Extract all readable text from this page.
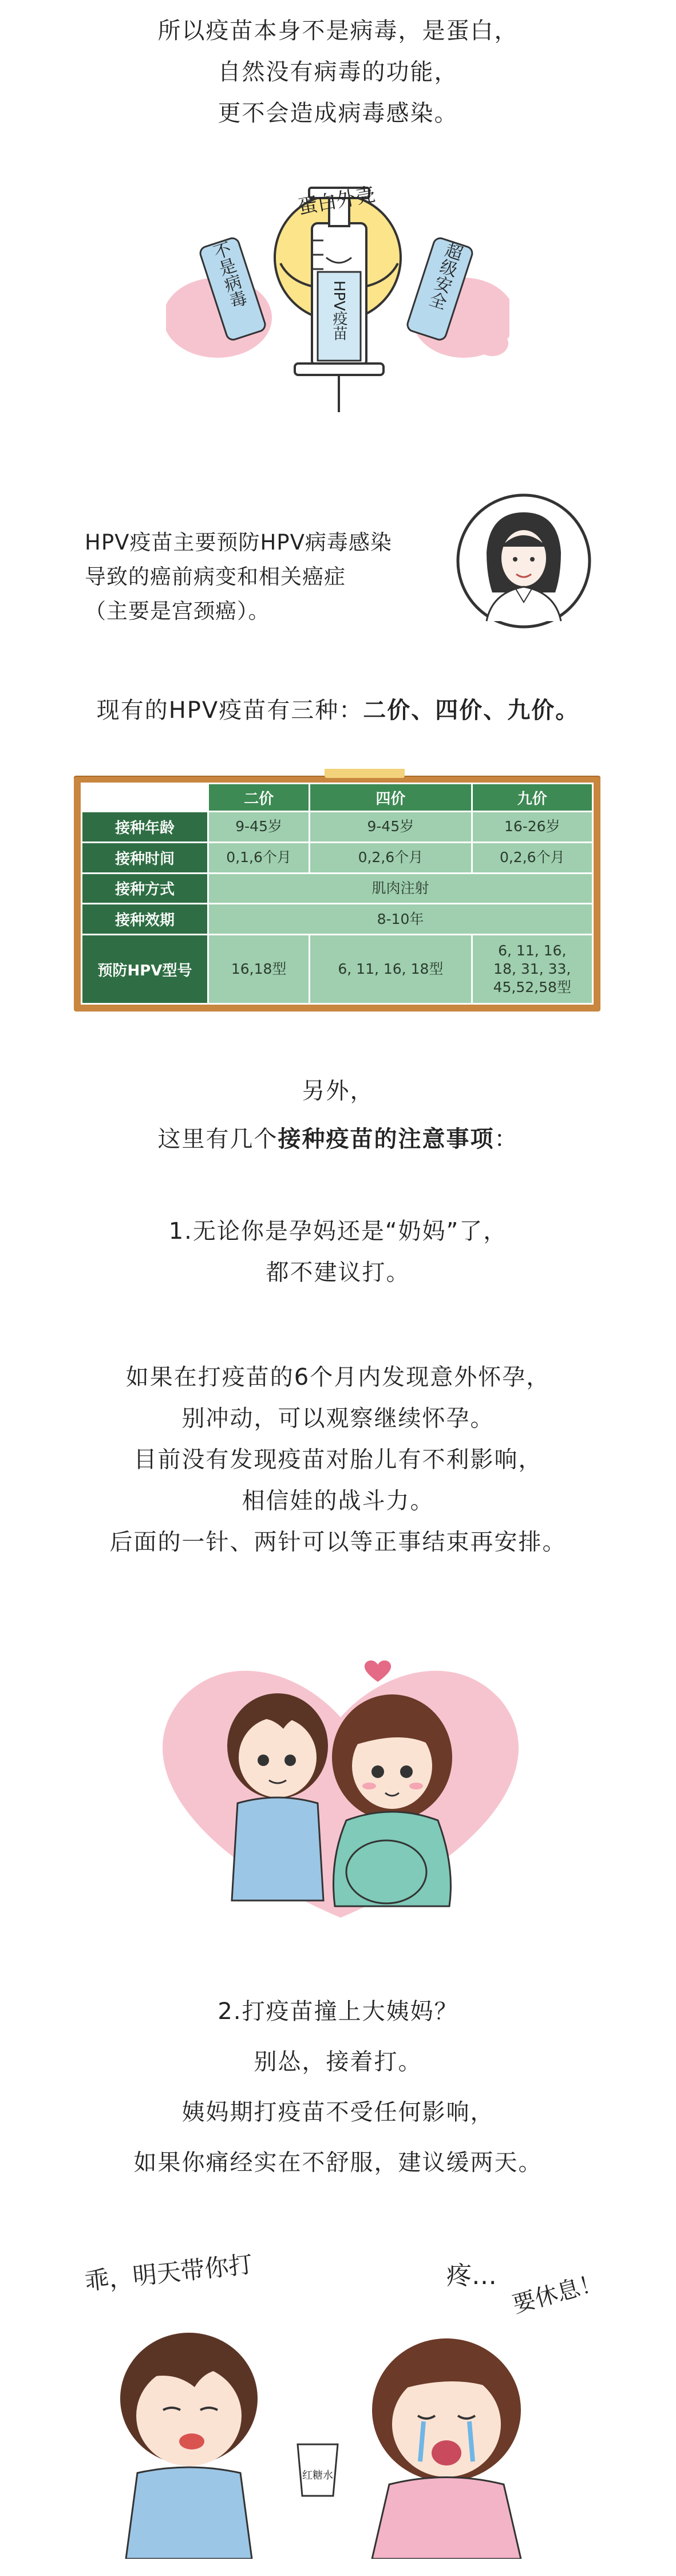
所以疫苗本身不是病毒，是蛋白，
自然没有病毒的功能，
更不会造成病毒感染。
蛋白外壳
不是病毒	超级安全
HPV疫苗
HPV疫苗主要预防HPV病毒感染
导致的癌前病变和相关癌症
（主要是宫颈癌）。
现有的HPV疫苗有三种：二价、四价、九价。
	二价	四价	九价
接种年龄	9-45岁	9-45岁	16-26岁
接种时间	0,1,6个月	0,2,6个月	0,2,6个月
接种方式	肌肉注射		
接种效期	8-10年		
预防HPV型号	16,18型	6, 11, 16, 18型	6, 11, 16,
18, 31, 33,
45,52,58型
另外，
这里有几个接种疫苗的注意事项：
1.无论你是孕妈还是“奶妈”了，
都不建议打。
如果在打疫苗的6个月内发现意外怀孕，
别冲动，可以观察继续怀孕。
目前没有发现疫苗对胎儿有不利影响，
相信娃的战斗力。
后面的一针、两针可以等正事结束再安排。
2.打疫苗撞上大姨妈？
别怂，接着打。
姨妈期打疫苗不受任何影响，
如果你痛经实在不舒服，建议缓两天。
乖，明天带你打	疼… 要休息！
红糖水
